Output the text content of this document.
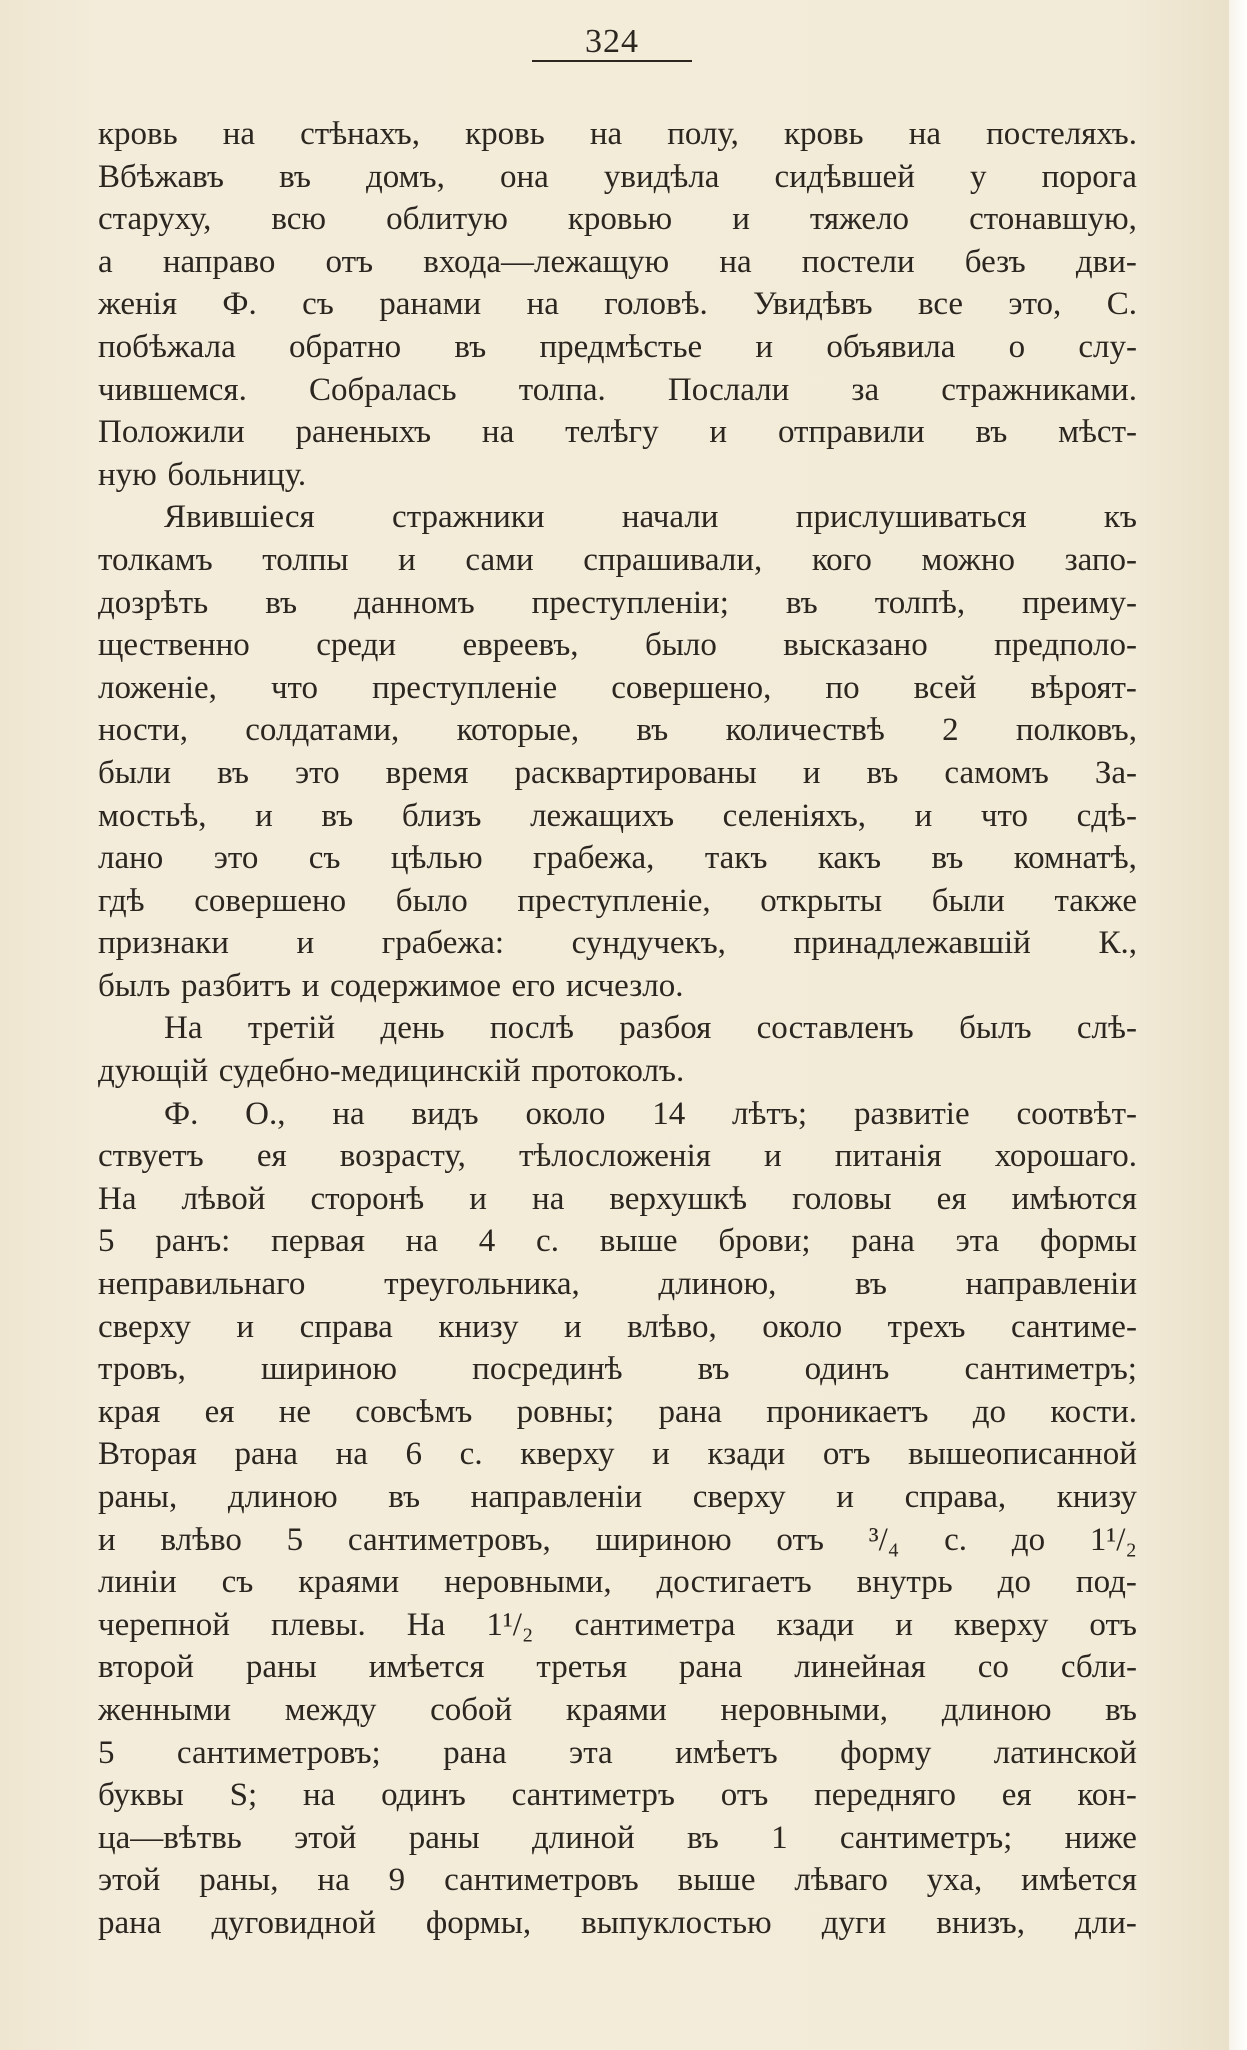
324
кровь на стѣнахъ, кровь на полу, кровь на постеляхъ.
Вбѣжавъ въ домъ, она увидѣла сидѣвшей у порога
старуху, всю облитую кровью и тяжело стонавшую,
а направо отъ входа—лежащую на постели безъ дви-
женія Ф. съ ранами на головѣ. Увидѣвъ все это, С.
побѣжала обратно въ предмѣстье и объявила о слу-
чившемся. Собралась толпа. Послали за стражниками.
Положили раненыхъ на телѣгу и отправили въ мѣст-
ную больницу.
Явившіеся стражники начали прислушиваться къ
толкамъ толпы и сами спрашивали, кого можно запо-
дозрѣть въ данномъ преступленіи; въ толпѣ, преиму-
щественно среди евреевъ, было высказано предполо-
ложеніе, что преступленіе совершено, по всей вѣроят-
ности, солдатами, которые, въ количествѣ 2 полковъ,
были въ это время расквартированы и въ самомъ За-
мостьѣ, и въ близъ лежащихъ селеніяхъ, и что сдѣ-
лано это съ цѣлью грабежа, такъ какъ въ комнатѣ,
гдѣ совершено было преступленіе, открыты были также
признаки и грабежа: сундучекъ, принадлежавшій К.,
былъ разбитъ и содержимое его исчезло.
На третій день послѣ разбоя составленъ былъ слѣ-
дующій судебно-медицинскій протоколъ.
Ф. О., на видъ около 14 лѣтъ; развитіе соотвѣт-
ствуетъ ея возрасту, тѣлосложенія и питанія хорошаго.
На лѣвой сторонѣ и на верхушкѣ головы ея имѣются
5 ранъ: первая на 4 с. выше брови; рана эта формы
неправильнаго треугольника, длиною, въ направленіи
сверху и справа книзу и влѣво, около трехъ сантиме-
тровъ, шириною посрединѣ въ одинъ сантиметръ;
края ея не совсѣмъ ровны; рана проникаетъ до кости.
Вторая рана на 6 с. кверху и кзади отъ вышеописанной
раны, длиною въ направленіи сверху и справа, книзу
и влѣво 5 сантиметровъ, шириною отъ ³/₄ с. до 1¹/₂
линіи съ краями неровными, достигаетъ внутрь до под-
черепной плевы. На 1¹/₂ сантиметра кзади и кверху отъ
второй раны имѣется третья рана линейная со сбли-
женными между собой краями неровными, длиною въ
5 сантиметровъ; рана эта имѣетъ форму латинской
буквы S; на одинъ сантиметръ отъ передняго ея кон-
ца—вѣтвь этой раны длиной въ 1 сантиметръ; ниже
этой раны, на 9 сантиметровъ выше лѣваго уха, имѣется
рана дуговидной формы, выпуклостью дуги внизъ, дли-
